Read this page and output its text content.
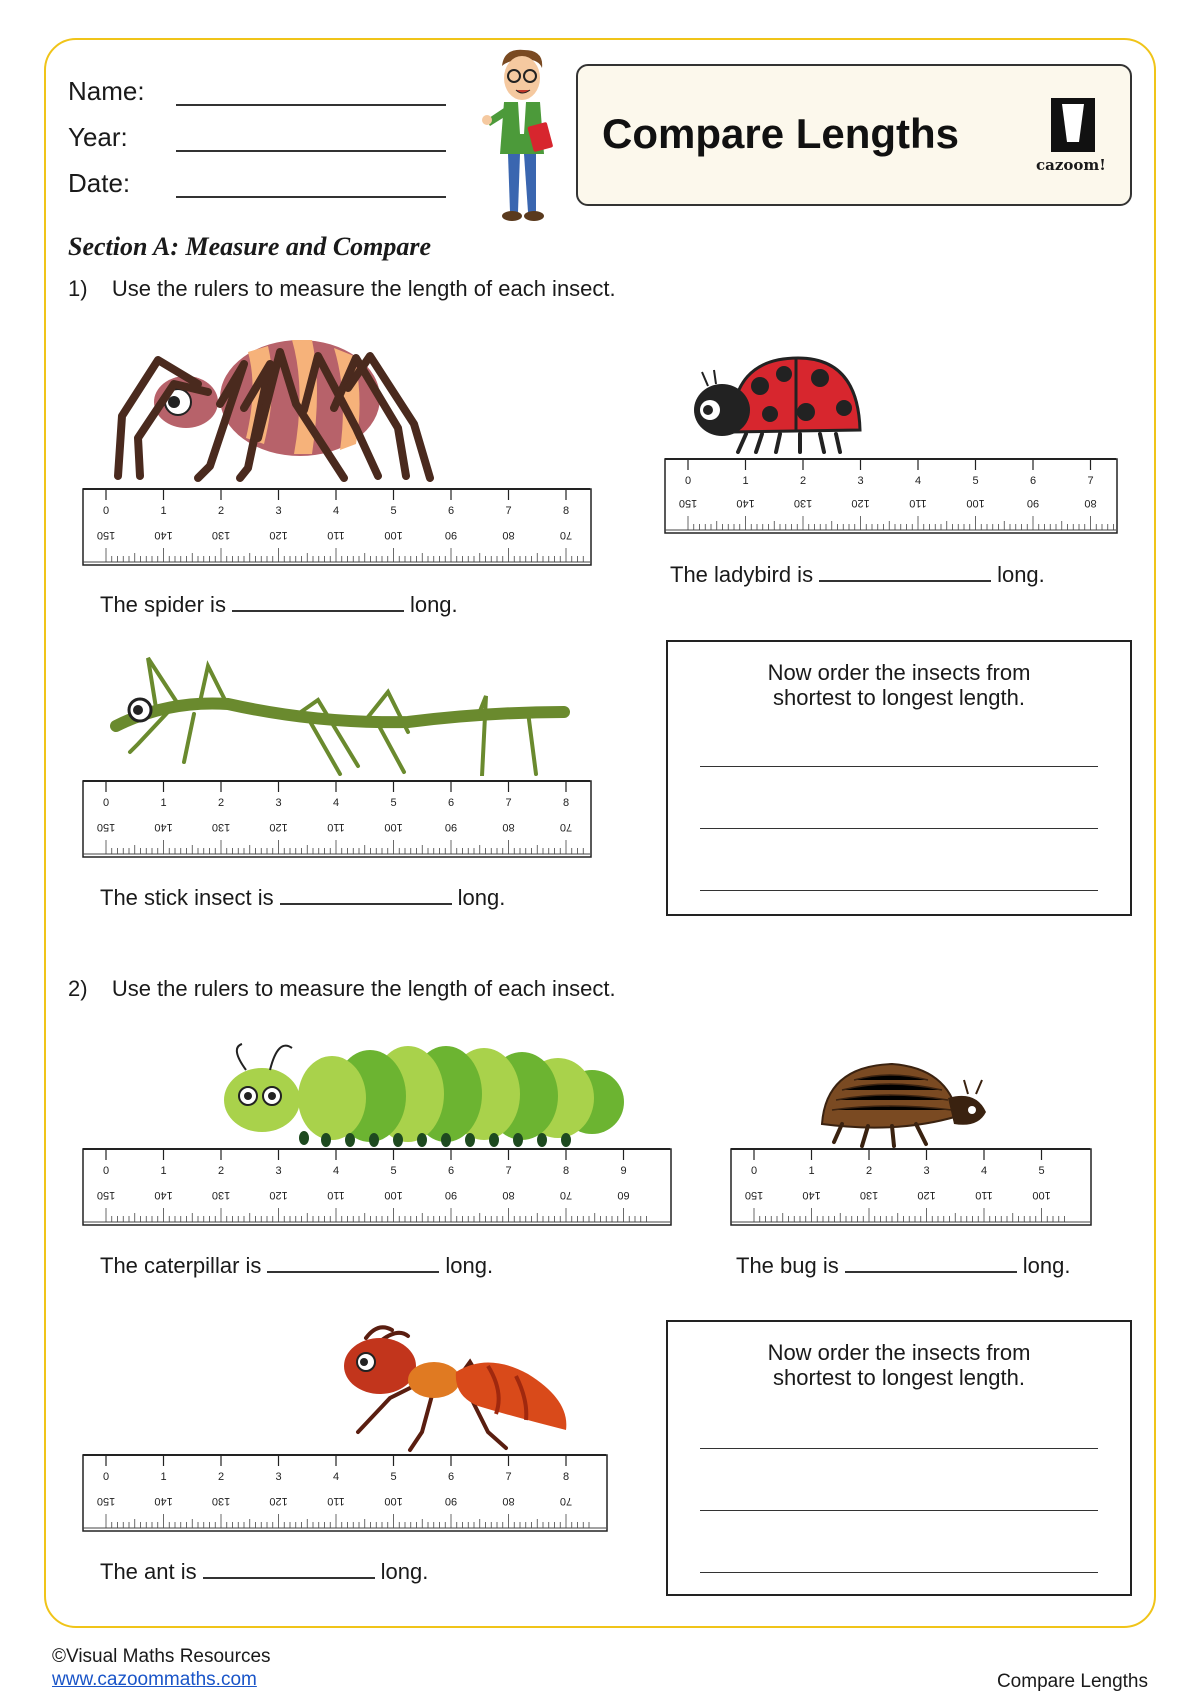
Name:
Year:
Date:
Compare Lengths
cazoom!
Section A: Measure and Compare
1) Use the rulers to measure the length of each insect.
0	1	2	3	4	5	6	7	8
150	140	130	120	110	100	90	80	70
The spider is	long.
0	1	2	3	4	5	6	7
150	140	130	120	110	100	90	80
The ladybird is	long.
0	1	2	3	4	5	6	7	8
150	140	130	120	110	100	90	80	70
The stick insect is	long.
Now order the insects from
shortest to longest length.
2) Use the rulers to measure the length of each insect.
0	1	2	3	4	5	6	7	8	9
150	140	130	120	110	100	90	80	70	60
The caterpillar is	long.
0	1	2	3	4	5
150	140	130	120	110	100
The bug is	long.
0	1	2	3	4	5	6	7	8
150	140	130	120	110	100	90	80	70
The ant is	long.
Now order the insects from
shortest to longest length.
©Visual Maths Resources
www.cazoommaths.com	Compare Lengths
